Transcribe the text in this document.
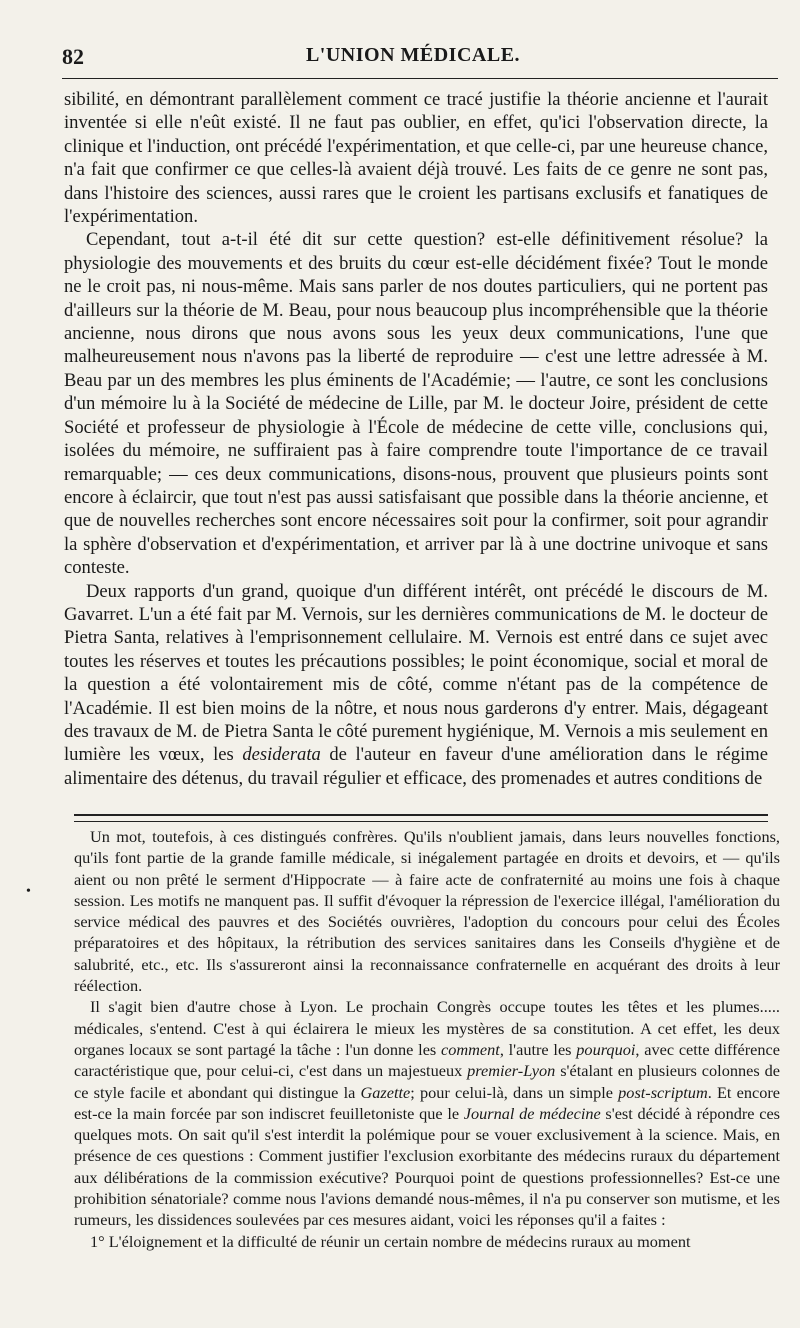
82	L'UNION MÉDICALE.

sibilité, en démontrant parallèlement comment ce tracé justifie la théorie ancienne et l'aurait inventée si elle n'eût existé. Il ne faut pas oublier, en effet, qu'ici l'observation directe, la clinique et l'induction, ont précédé l'expérimentation, et que celle-ci, par une heureuse chance, n'a fait que confirmer ce que celles-là avaient déjà trouvé. Les faits de ce genre ne sont pas, dans l'histoire des sciences, aussi rares que le croient les partisans exclusifs et fanatiques de l'expérimentation.

Cependant, tout a-t-il été dit sur cette question? est-elle définitivement résolue? la physiologie des mouvements et des bruits du cœur est-elle décidément fixée? Tout le monde ne le croit pas, ni nous-même. Mais sans parler de nos doutes particuliers, qui ne portent pas d'ailleurs sur la théorie de M. Beau, pour nous beaucoup plus incompréhensible que la théorie ancienne, nous dirons que nous avons sous les yeux deux communications, l'une que malheureusement nous n'avons pas la liberté de reproduire — c'est une lettre adressée à M. Beau par un des membres les plus éminents de l'Académie; — l'autre, ce sont les conclusions d'un mémoire lu à la Société de médecine de Lille, par M. le docteur Joire, président de cette Société et professeur de physiologie à l'École de médecine de cette ville, conclusions qui, isolées du mémoire, ne suffiraient pas à faire comprendre toute l'importance de ce travail remarquable; — ces deux communications, disons-nous, prouvent que plusieurs points sont encore à éclaircir, que tout n'est pas aussi satisfaisant que possible dans la théorie ancienne, et que de nouvelles recherches sont encore nécessaires soit pour la confirmer, soit pour agrandir la sphère d'observation et d'expérimentation, et arriver par là à une doctrine univoque et sans conteste.

Deux rapports d'un grand, quoique d'un différent intérêt, ont précédé le discours de M. Gavarret. L'un a été fait par M. Vernois, sur les dernières communications de M. le docteur de Pietra Santa, relatives à l'emprisonnement cellulaire. M. Vernois est entré dans ce sujet avec toutes les réserves et toutes les précautions possibles; le point économique, social et moral de la question a été volontairement mis de côté, comme n'étant pas de la compétence de l'Académie. Il est bien moins de la nôtre, et nous nous garderons d'y entrer. Mais, dégageant des travaux de M. de Pietra Santa le côté purement hygiénique, M. Vernois a mis seulement en lumière les vœux, les desiderata de l'auteur en faveur d'une amélioration dans le régime alimentaire des détenus, du travail régulier et efficace, des promenades et autres conditions de

•

Un mot, toutefois, à ces distingués confrères. Qu'ils n'oublient jamais, dans leurs nouvelles fonctions, qu'ils font partie de la grande famille médicale, si inégalement partagée en droits et devoirs, et — qu'ils aient ou non prêté le serment d'Hippocrate — à faire acte de confraternité au moins une fois à chaque session. Les motifs ne manquent pas. Il suffit d'évoquer la répression de l'exercice illégal, l'amélioration du service médical des pauvres et des Sociétés ouvrières, l'adoption du concours pour celui des Écoles préparatoires et des hôpitaux, la rétribution des services sanitaires dans les Conseils d'hygiène et de salubrité, etc., etc. Ils s'assureront ainsi la reconnaissance confraternelle en acquérant des droits à leur réélection.

Il s'agit bien d'autre chose à Lyon. Le prochain Congrès occupe toutes les têtes et les plumes..... médicales, s'entend. C'est à qui éclairera le mieux les mystères de sa constitution. A cet effet, les deux organes locaux se sont partagé la tâche : l'un donne les comment, l'autre les pourquoi, avec cette différence caractéristique que, pour celui-ci, c'est dans un majestueux premier-Lyon s'étalant en plusieurs colonnes de ce style facile et abondant qui distingue la Gazette; pour celui-là, dans un simple post-scriptum. Et encore est-ce la main forcée par son indiscret feuilletoniste que le Journal de médecine s'est décidé à répondre ces quelques mots. On sait qu'il s'est interdit la polémique pour se vouer exclusivement à la science. Mais, en présence de ces questions : Comment justifier l'exclusion exorbitante des médecins ruraux du département aux délibérations de la commission exécutive? Pourquoi point de questions professionnelles? Est-ce une prohibition sénatoriale? comme nous l'avions demandé nous-mêmes, il n'a pu conserver son mutisme, et les rumeurs, les dissidences soulevées par ces mesures aidant, voici les réponses qu'il a faites :

1° L'éloignement et la difficulté de réunir un certain nombre de médecins ruraux au moment
